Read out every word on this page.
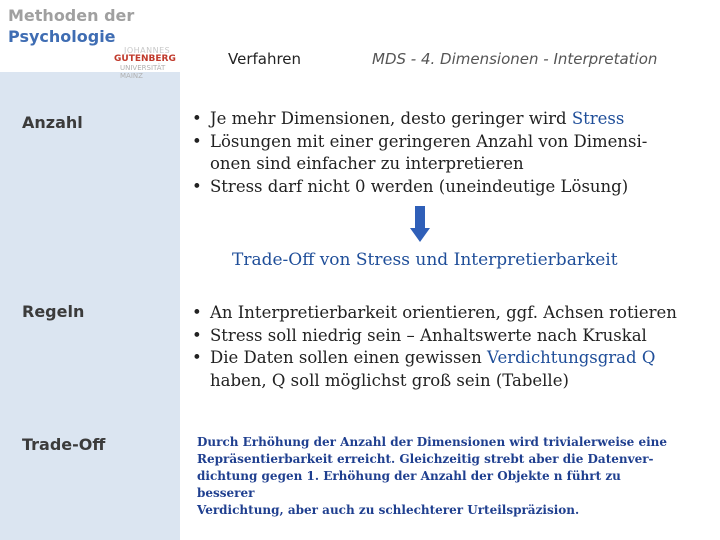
Methoden der
Psychologie
JOHANNES
GUTENBERG
UNIVERSITÄT MAINZ
Verfahren	MDS - 4. Dimensionen - Interpretation
Anzahl
Regeln
Trade-Off
• Je mehr Dimensionen, desto geringer wird Stress
• Lösungen mit einer geringeren Anzahl von Dimensi-
onen sind einfacher zu interpretieren
• Stress darf nicht 0 werden (uneindeutige Lösung)
Trade-Off von Stress und Interpretierbarkeit
• An Interpretierbarkeit orientieren, ggf. Achsen rotieren
• Stress soll niedrig sein – Anhaltswerte nach Kruskal
• Die Daten sollen einen gewissen Verdichtungsgrad Q
haben, Q soll möglichst groß sein (Tabelle)
Durch Erhöhung der Anzahl der Dimensionen wird trivialerweise eine
Repräsentierbarkeit erreicht. Gleichzeitig strebt aber die Datenver-
dichtung gegen 1. Erhöhung der Anzahl der Objekte n führt zu besserer
Verdichtung, aber auch zu schlechterer Urteilspräzision.
